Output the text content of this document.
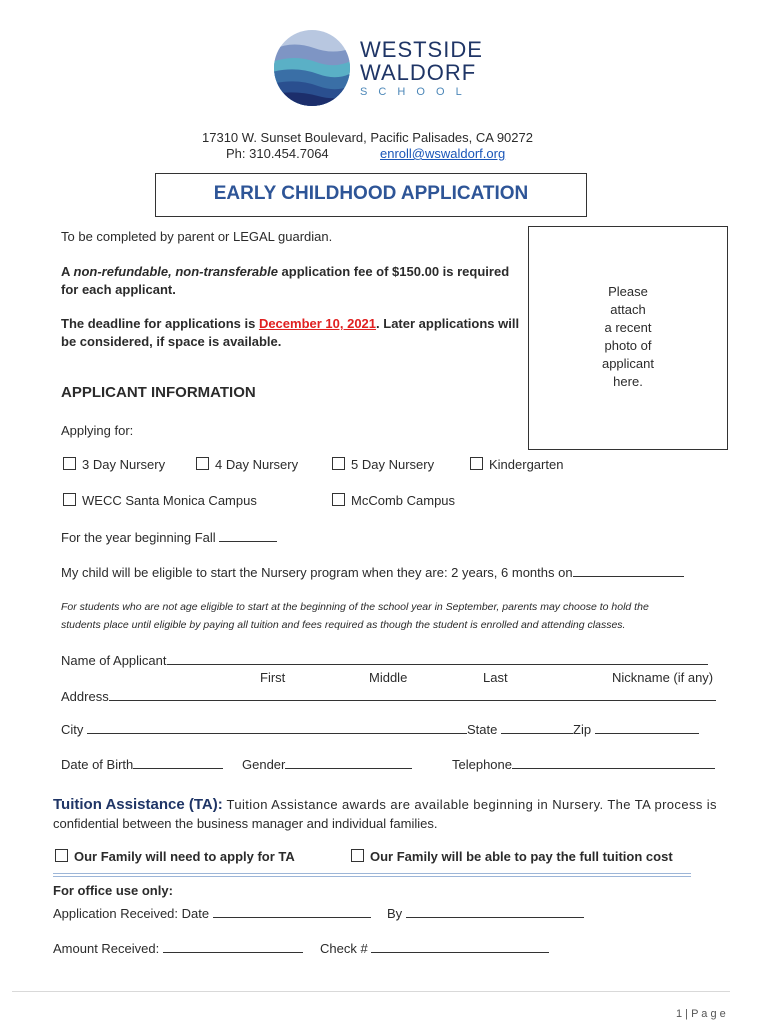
WESTSIDE
WALDORF
S C H O O L
17310 W. Sunset Boulevard, Pacific Palisades, CA 90272
Ph: 310.454.7064	enroll@wswaldorf.org
EARLY CHILDHOOD APPLICATION
To be completed by parent or LEGAL guardian.
A non-refundable, non-transferable application fee of $150.00 is required
for each applicant.
The deadline for applications is December 10, 2021. Later applications will
be considered, if space is available.
Please
attach
a recent
photo of
applicant
here.
APPLICANT INFORMATION
Applying for:
3 Day Nursery	4 Day Nursery	5 Day Nursery	Kindergarten
WECC Santa Monica Campus	McComb Campus
For the year beginning Fall
My child will be eligible to start the Nursery program when they are: 2 years, 6 months on
For students who are not age eligible to start at the beginning of the school year in September, parents may choose to hold the
students place until eligible by paying all tuition and fees required as though the student is enrolled and attending classes.
Name of Applicant
First	Middle	Last	Nickname (if any)
Address
City	State	Zip
Date of Birth	Gender	Telephone
Tuition Assistance (TA): Tuition Assistance awards are available beginning in Nursery. The TA process is
confidential between the business manager and individual families.
Our Family will need to apply for TA	Our Family will be able to pay the full tuition cost
For office use only:
Application Received: Date	By
Amount Received:	Check #
1 | P a g e
